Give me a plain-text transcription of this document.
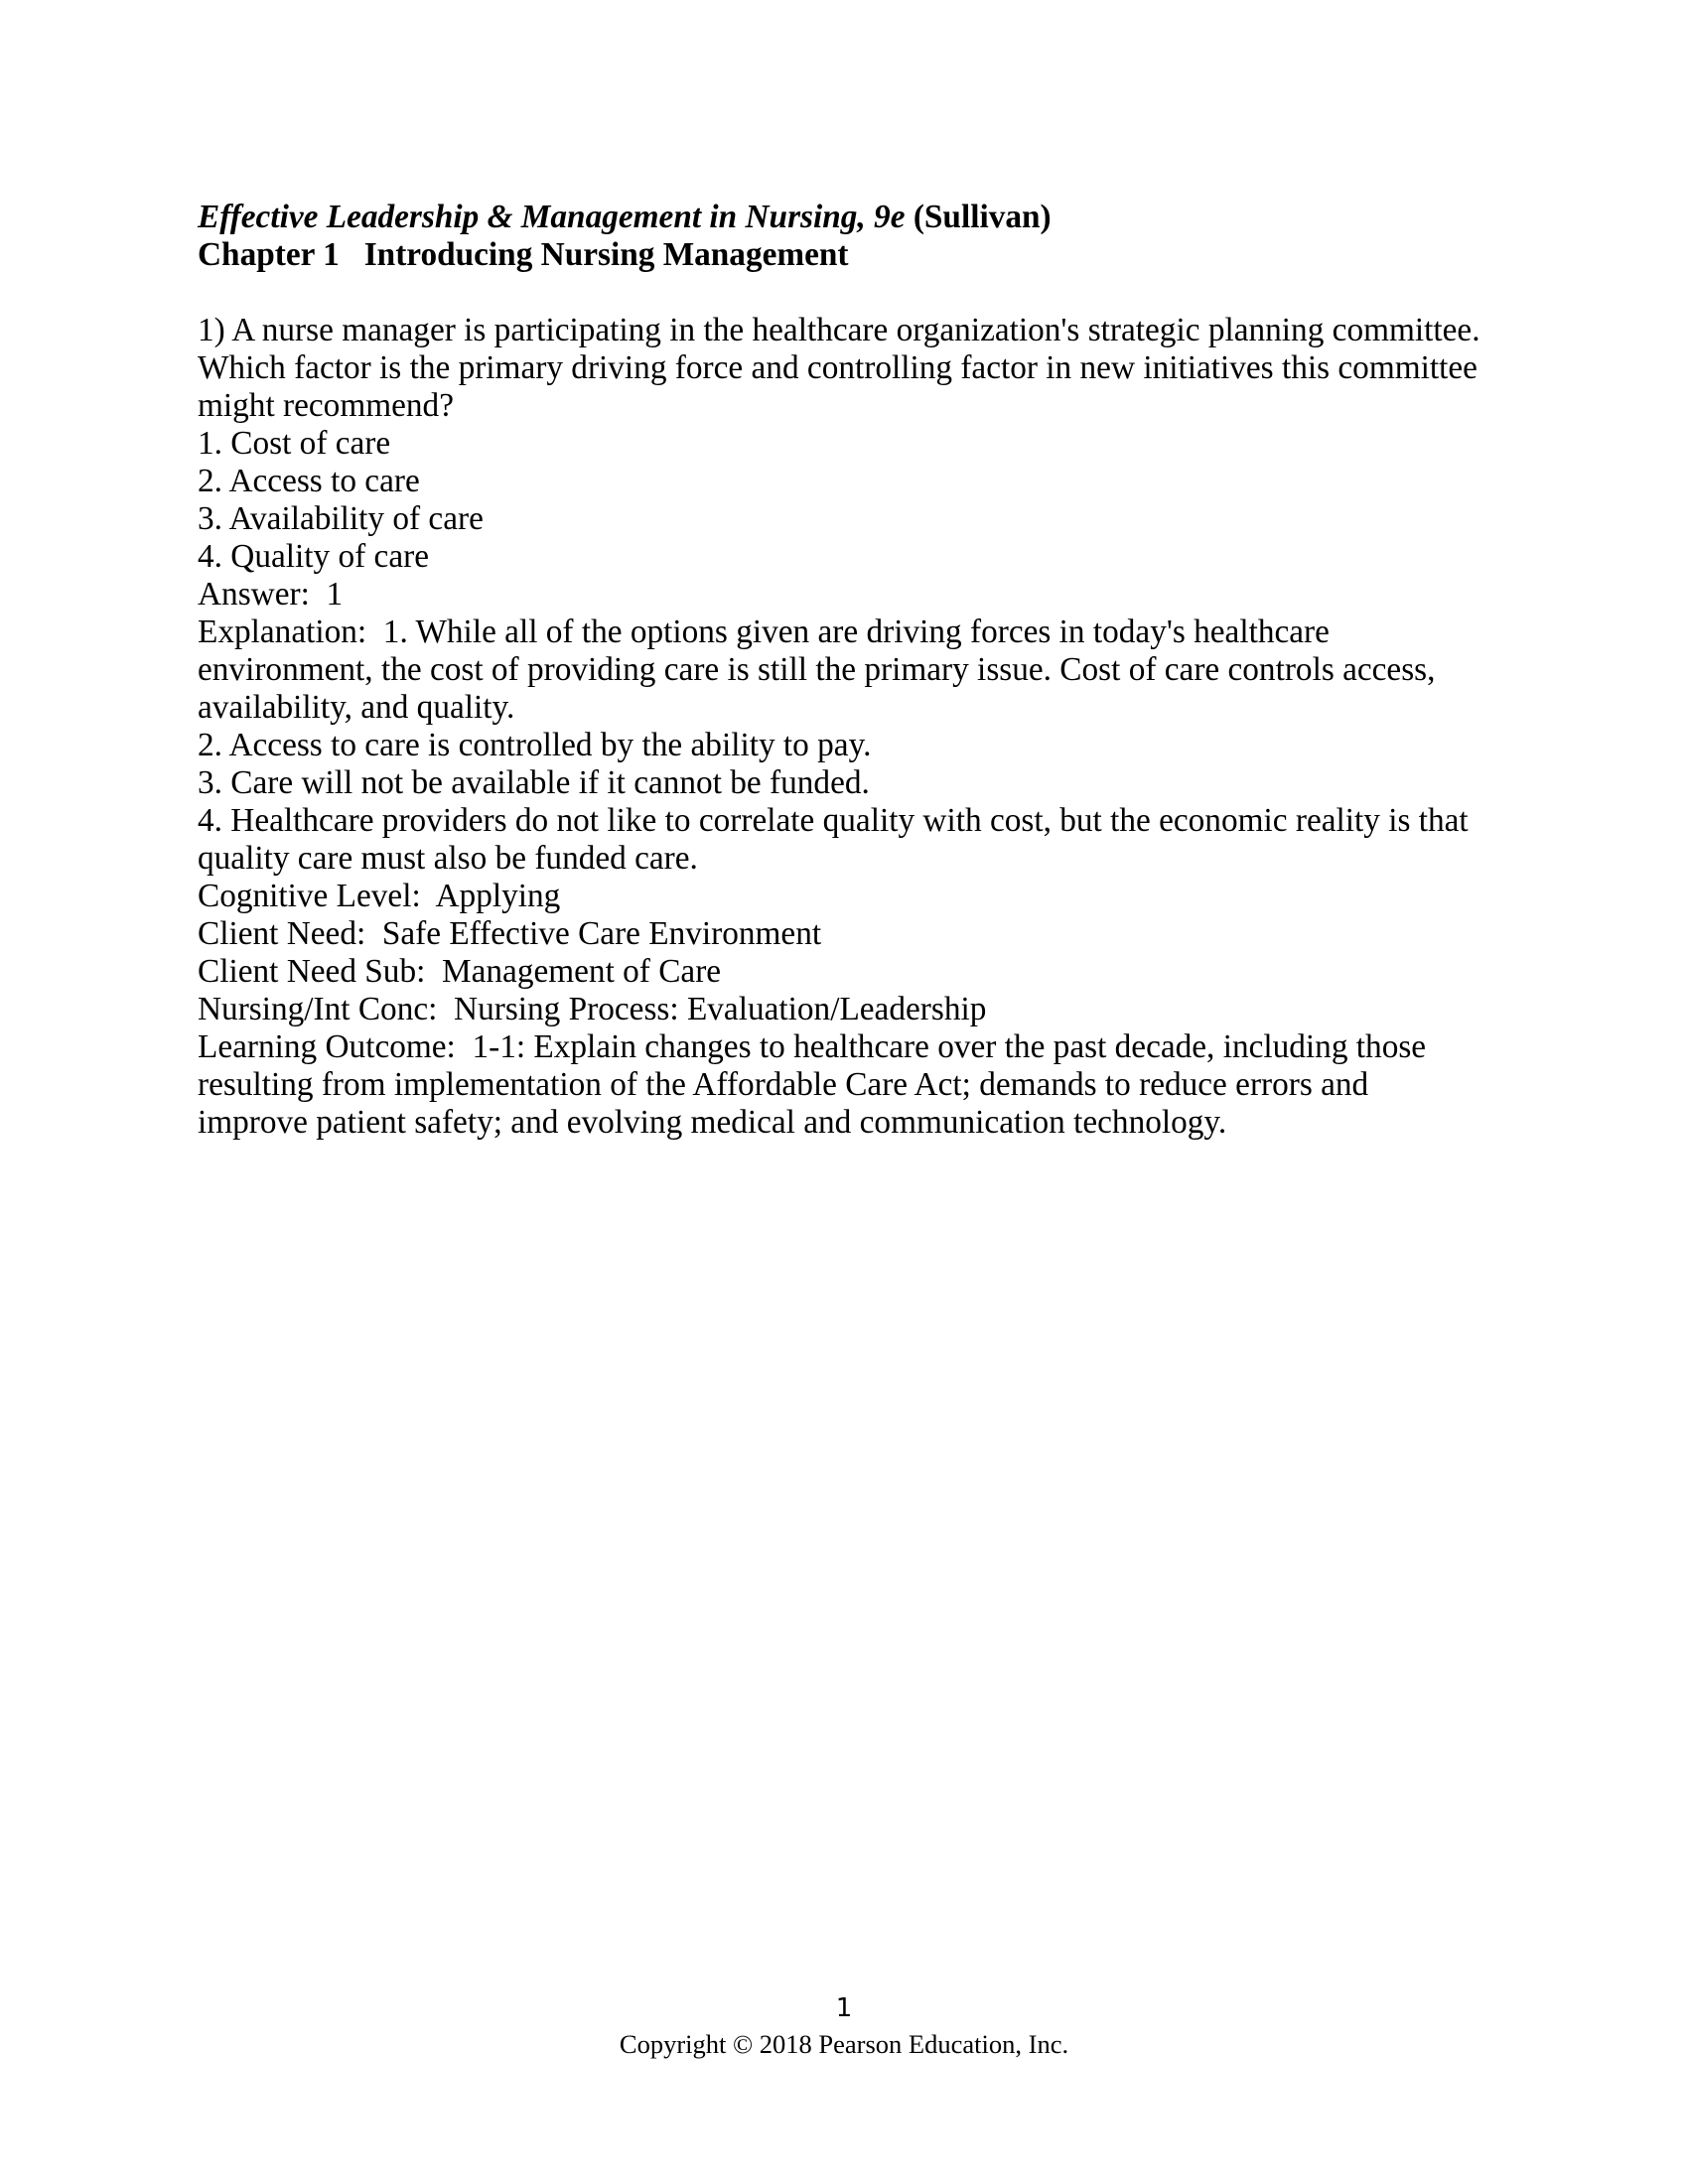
Effective Leadership & Management in Nursing, 9e (Sullivan)
Chapter 1   Introducing Nursing Management
1) A nurse manager is participating in the healthcare organization's strategic planning committee.
Which factor is the primary driving force and controlling factor in new initiatives this committee
might recommend?
1. Cost of care
2. Access to care
3. Availability of care
4. Quality of care
Answer:  1
Explanation:  1. While all of the options given are driving forces in today's healthcare
environment, the cost of providing care is still the primary issue. Cost of care controls access,
availability, and quality.
2. Access to care is controlled by the ability to pay.
3. Care will not be available if it cannot be funded.
4. Healthcare providers do not like to correlate quality with cost, but the economic reality is that
quality care must also be funded care.
Cognitive Level:  Applying
Client Need:  Safe Effective Care Environment
Client Need Sub:  Management of Care
Nursing/Int Conc:  Nursing Process: Evaluation/Leadership
Learning Outcome:  1-1: Explain changes to healthcare over the past decade, including those
resulting from implementation of the Affordable Care Act; demands to reduce errors and
improve patient safety; and evolving medical and communication technology.
1
Copyright © 2018 Pearson Education, Inc.
